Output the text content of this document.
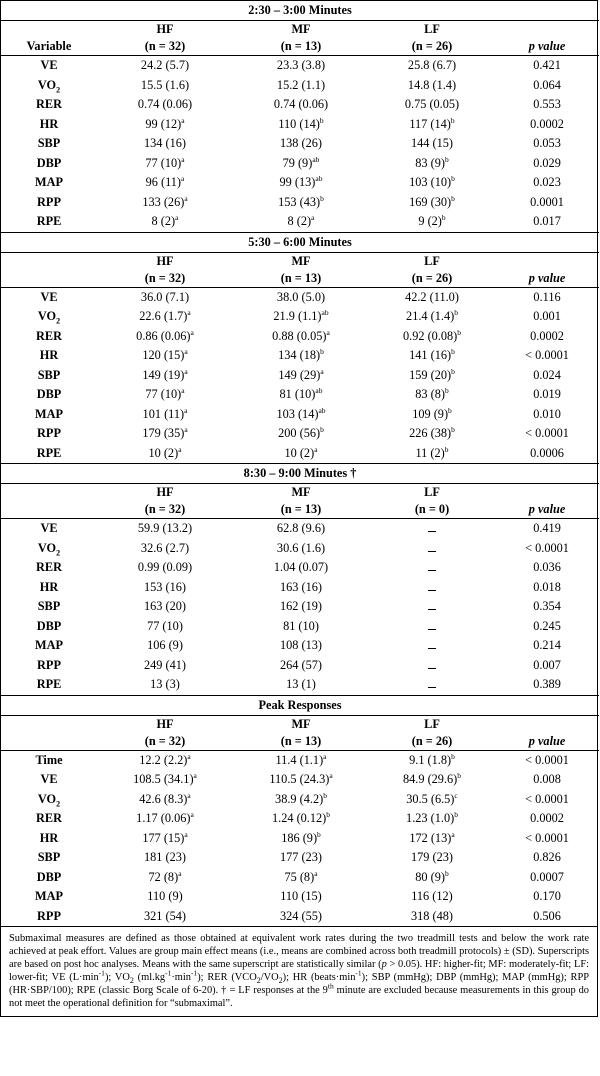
2:30 – 3:00 Minutes				
	HF	MF	LF	
Variable	(n = 32)	(n = 13)	(n = 26)	p value
VE	24.2 (5.7)	23.3 (3.8)	25.8 (6.7)	0.421
$VO_2$	15.5 (1.6)	15.2 (1.1)	14.8 (1.4)	0.064
RER	0.74 (0.06)	0.74 (0.06)	0.75 (0.05)	0.553
HR	99 $(12)^a$	110 $(14)^b$	117 $(14)^b$	0.0002
SBP	134 (16)	138 (26)	144 (15)	0.053
DBP	77 $(10)^a$	79 $(9)^{ab}$	83 $(9)^b$	0.029
MAP	96 $(11)^a$	99 $(13)^{ab}$	103 $(10)^b$	0.023
RPP	133 $(26)^a$	153 $(43)^b$	169 $(30)^b$	0.0001
RPE	8 $(2)^a$	8 $(2)^a$	9 $(2)^b$	0.017
5:30 – 6:00 Minutes				
	HF	MF	LF	
	(n = 32)	(n = 13)	(n = 26)	p value
VE	36.0 (7.1)	38.0 (5.0)	42.2 (11.0)	0.116
$VO_2$	22.6 $(1.7)^a$	21.9 $(1.1)^{ab}$	21.4 $(1.4)^b$	0.001
RER	0.86 $(0.06)^a$	0.88 $(0.05)^a$	0.92 $(0.08)^b$	0.0002
HR	120 $(15)^a$	134 $(18)^b$	141 $(16)^b$	< 0.0001
SBP	149 $(19)^a$	149 $(29)^a$	159 $(20)^b$	0.024
DBP	77 $(10)^a$	81 $(10)^{ab}$	83 $(8)^b$	0.019
MAP	101 $(11)^a$	103 $(14)^{ab}$	109 $(9)^b$	0.010
RPP	179 $(35)^a$	200 $(56)^b$	226 $(38)^b$	< 0.0001
RPE	10 $(2)^a$	10 $(2)^a$	11 $(2)^b$	0.0006
8:30 – 9:00 Minutes †				
	HF	MF	LF	
	(n = 32)	(n = 13)	(n = 0)	p value
VE	59.9 (13.2)	62.8 (9.6)		0.419
$VO_2$	32.6 (2.7)	30.6 (1.6)		< 0.0001
RER	0.99 (0.09)	1.04 (0.07)		0.036
HR	153 (16)	163 (16)		0.018
SBP	163 (20)	162 (19)		0.354
DBP	77 (10)	81 (10)		0.245
MAP	106 (9)	108 (13)		0.214
RPP	249 (41)	264 (57)		0.007
RPE	13 (3)	13 (1)		0.389
Peak Responses				
	HF	MF	LF	
	(n = 32)	(n = 13)	(n = 26)	p value
Time	12.2 $(2.2)^a$	11.4 $(1.1)^a$	9.1 $(1.8)^b$	< 0.0001
VE	108.5 $(34.1)^a$	110.5 $(24.3)^a$	84.9 $(29.6)^b$	0.008
$VO_2$	42.6 $(8.3)^a$	38.9 $(4.2)^b$	30.5 $(6.5)^c$	< 0.0001
RER	1.17 $(0.06)^a$	1.24 $(0.12)^b$	1.23 $(1.0)^b$	0.0002
HR	177 $(15)^a$	186 $(9)^b$	172 $(13)^a$	< 0.0001
SBP	181 (23)	177 (23)	179 (23)	0.826
DBP	72 $(8)^a$	75 $(8)^a$	80 $(9)^b$	0.0007
MAP	110 (9)	110 (15)	116 (12)	0.170
RPP	321 (54)	324 (55)	318 (48)	0.506
Submaximal measures are defined as those obtained at equivalent work rates during the two treadmill tests and below the work rate achieved at peak effort. Values are group main effect means (i.e., means are combined across both treadmill protocols) ± (SD). Superscripts are based on post hoc analyses. Means with the same superscript are statistically similar (p > 0.05). HF: higher-fit; MF: moderately-fit; LF: lower-fit; VE $(L\cdot\min^{-1})$; $VO_2$ $(ml.kg^{-1}\cdot\min^{-1})$; RER $(VCO_2/VO_2)$; HR $(beats\cdot\min^{-1})$; SBP (mmHg); DBP (mmHg); MAP (mmHg); RPP (HR·SBP/100); RPE (classic Borg Scale of 6-20). † = LF responses at the 9th minute are excluded because measurements in this group do not meet the operational definition for “submaximal”.
